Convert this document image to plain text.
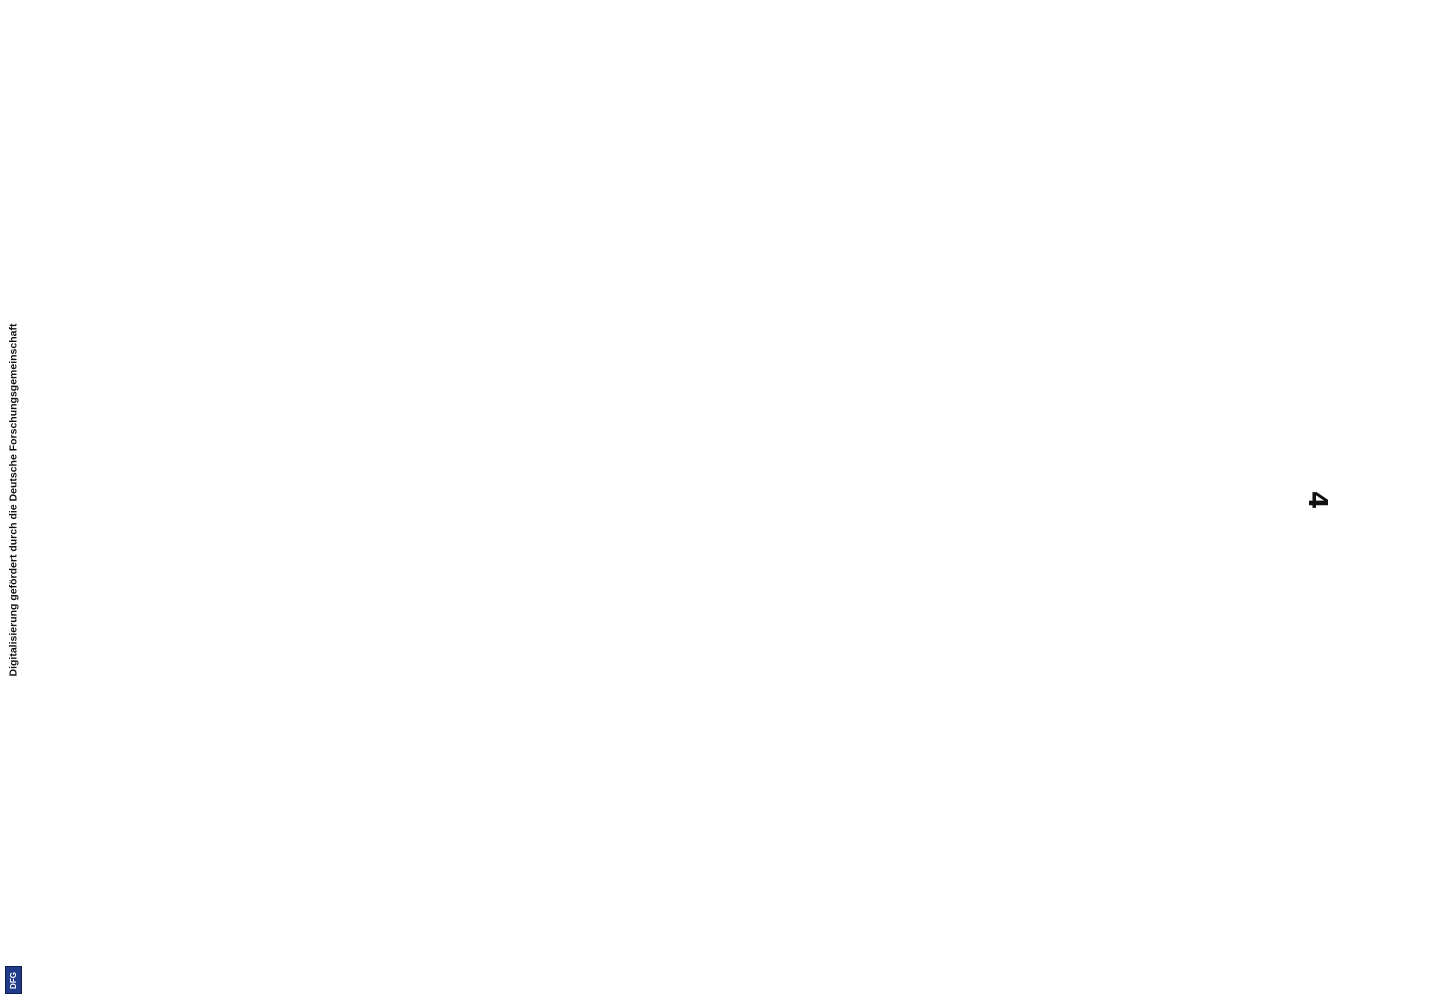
4
Digitalisierung gefördert durch die Deutsche Forschungsgemeinschaft
DFG
